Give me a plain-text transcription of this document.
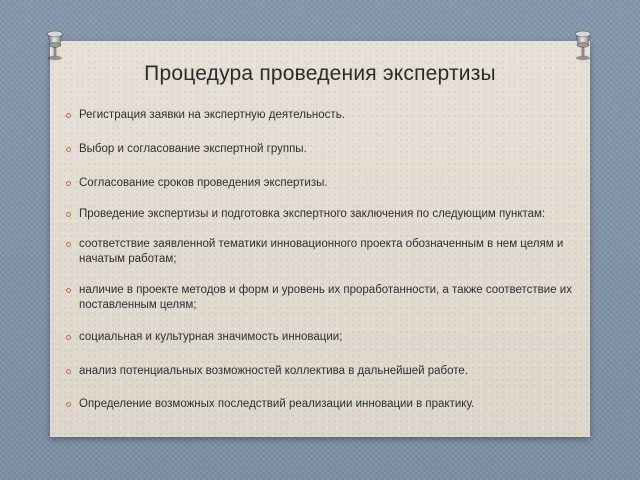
Процедура проведения экспертизы
Регистрация заявки на экспертную деятельность.
Выбор и согласование экспертной группы.
Согласование сроков проведения экспертизы.
Проведение экспертизы и подготовка экспертного заключения по следующим пунктам:
соответствие заявленной тематики инновационного проекта обозначенным в нем целям и начатым работам;
наличие в проекте методов и форм и уровень их проработанности, а также соответствие их поставленным целям;
социальная и культурная значимость инновации;
анализ потенциальных возможностей коллектива в дальнейшей работе.
Определение возможных последствий реализации инновации в практику.
